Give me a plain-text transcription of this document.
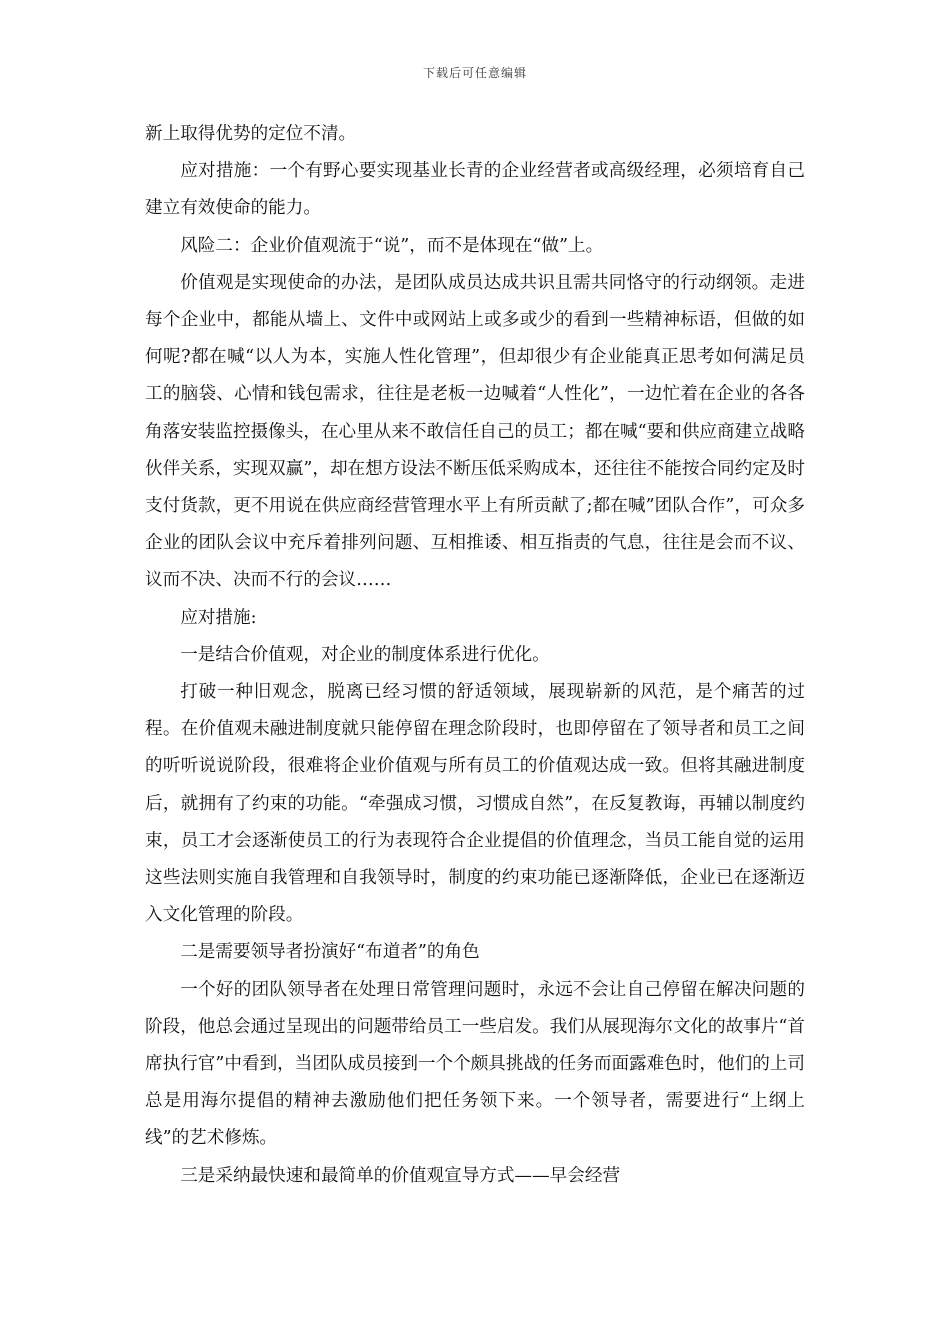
下载后可任意编辑

新上取得优势的定位不清。

应对措施：一个有野心要实现基业长青的企业经营者或高级经理，必须培育自己建立有效使命的能力。

风险二：企业价值观流于“说”，而不是体现在“做”上。

价值观是实现使命的办法，是团队成员达成共识且需共同恪守的行动纲领。走进每个企业中，都能从墙上、文件中或网站上或多或少的看到一些精神标语，但做的如何呢?都在喊“以人为本，实施人性化管理”，但却很少有企业能真正思考如何满足员工的脑袋、心情和钱包需求，往往是老板一边喊着“人性化”，一边忙着在企业的各各角落安装监控摄像头，在心里从来不敢信任自己的员工；都在喊“要和供应商建立战略伙伴关系，实现双赢”，却在想方设法不断压低采购成本，还往往不能按合同约定及时支付货款，更不用说在供应商经营管理水平上有所贡献了;都在喊”团队合作”，可众多企业的团队会议中充斥着排列问题、互相推诿、相互指责的气息，往往是会而不议、议而不决、决而不行的会议……

应对措施:

一是结合价值观，对企业的制度体系进行优化。

打破一种旧观念，脱离已经习惯的舒适领域，展现崭新的风范，是个痛苦的过程。在价值观未融进制度就只能停留在理念阶段时，也即停留在了领导者和员工之间的听听说说阶段，很难将企业价值观与所有员工的价值观达成一致。但将其融进制度后，就拥有了约束的功能。“牵强成习惯，习惯成自然”，在反复教诲，再辅以制度约束，员工才会逐渐使员工的行为表现符合企业提倡的价值理念，当员工能自觉的运用这些法则实施自我管理和自我领导时，制度的约束功能已逐渐降低，企业已在逐渐迈入文化管理的阶段。

二是需要领导者扮演好“布道者”的角色

一个好的团队领导者在处理日常管理问题时，永远不会让自己停留在解决问题的阶段，他总会通过呈现出的问题带给员工一些启发。我们从展现海尔文化的故事片“首席执行官”中看到，当团队成员接到一个个颇具挑战的任务而面露难色时，他们的上司总是用海尔提倡的精神去激励他们把任务领下来。一个领导者，需要进行“上纲上线”的艺术修炼。

三是采纳最快速和最简单的价值观宣导方式——早会经营
